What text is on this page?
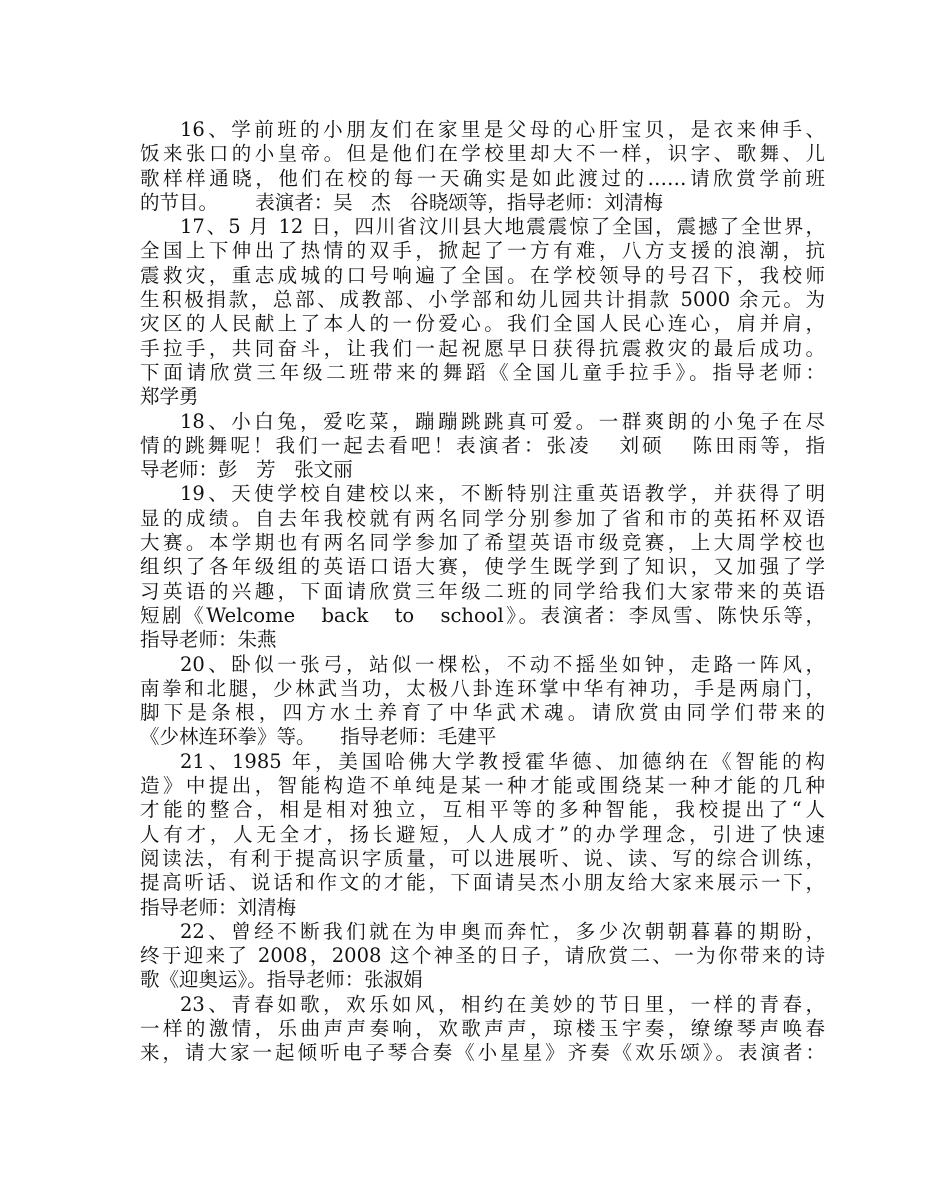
16、学前班的小朋友们在家里是父母的心肝宝贝，是衣来伸手、
饭来张口的小皇帝。但是他们在学校里却大不一样，识字、歌舞、儿
歌样样通晓，他们在校的每一天确实是如此渡过的……请欣赏学前班
的节目。      表演者：吴   杰   谷晓颂等，指导老师：刘清梅
17、5 月 12 日，四川省汶川县大地震震惊了全国，震撼了全世界，
全国上下伸出了热情的双手，掀起了一方有难，八方支援的浪潮，抗
震救灾，重志成城的口号响遍了全国。在学校领导的号召下，我校师
生积极捐款，总部、成教部、小学部和幼儿园共计捐款 5000 余元。为
灾区的人民献上了本人的一份爱心。我们全国人民心连心，肩并肩，
手拉手，共同奋斗，让我们一起祝愿早日获得抗震救灾的最后成功。
下面请欣赏三年级二班带来的舞蹈《全国儿童手拉手》。指导老师：
郑学勇
18、小白兔，爱吃菜，蹦蹦跳跳真可爱。一群爽朗的小兔子在尽
情的跳舞呢！我们一起去看吧！表演者：张凌   刘硕   陈田雨等，指
导老师：彭   芳   张文丽
19、天使学校自建校以来，不断特别注重英语教学，并获得了明
显的成绩。自去年我校就有两名同学分别参加了省和市的英拓杯双语
大赛。本学期也有两名同学参加了希望英语市级竞赛，上大周学校也
组织了各年级组的英语口语大赛，使学生既学到了知识，又加强了学
习英语的兴趣，下面请欣赏三年级二班的同学给我们大家带来的英语
短剧《Welcome   back   to   school》。表演者：李凤雪、陈快乐等，
指导老师：朱燕
20、卧似一张弓，站似一棵松，不动不摇坐如钟，走路一阵风，
南拳和北腿，少林武当功，太极八卦连环掌中华有神功，手是两扇门，
脚下是条根，四方水土养育了中华武术魂。请欣赏由同学们带来的
《少林连环拳》等。    指导老师：毛建平
21、1985 年，美国哈佛大学教授霍华德、加德纳在《智能的构
造》中提出，智能构造不单纯是某一种才能或围绕某一种才能的几种
才能的整合，相是相对独立，互相平等的多种智能，我校提出了“人
人有才，人无全才，扬长避短，人人成才”的办学理念，引进了快速
阅读法，有利于提高识字质量，可以进展听、说、读、写的综合训练，
提高听话、说话和作文的才能，下面请吴杰小朋友给大家来展示一下，
指导老师：刘清梅
22、曾经不断我们就在为申奥而奔忙，多少次朝朝暮暮的期盼，
终于迎来了 2008，2008 这个神圣的日子，请欣赏二、一为你带来的诗
歌《迎奥运》。指导老师：张淑娟
23、青春如歌，欢乐如风，相约在美妙的节日里，一样的青春，
一样的激情，乐曲声声奏响，欢歌声声，琼楼玉宇奏，缭缭琴声唤春
来，请大家一起倾听电子琴合奏《小星星》齐奏《欢乐颂》。表演者：
